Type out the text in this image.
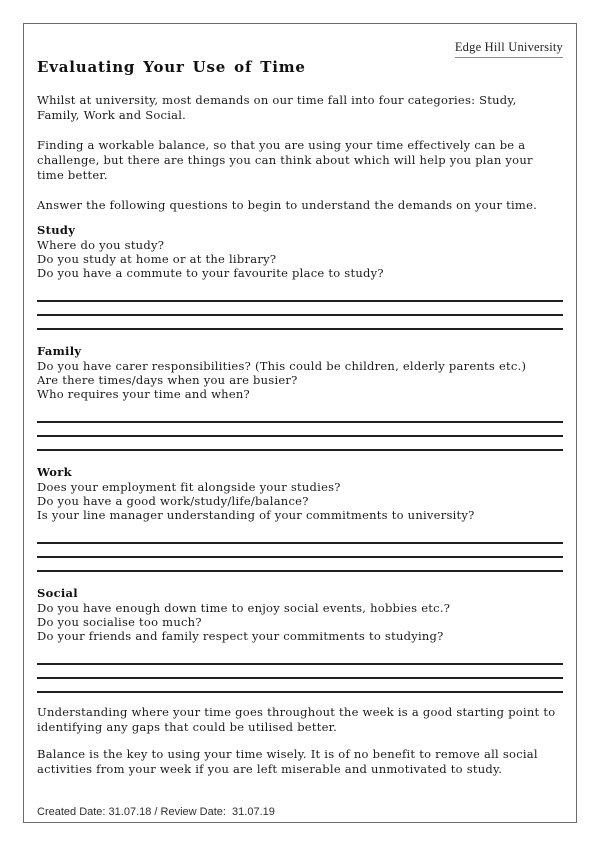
Edge Hill University
Evaluating Your Use of Time

Whilst at university, most demands on our time fall into four categories: Study, Family, Work and Social.

Finding a workable balance, so that you are using your time effectively can be a challenge, but there are things you can think about which will help you plan your time better.

Answer the following questions to begin to understand the demands on your time.

Study
Where do you study?
Do you study at home or at the library?
Do you have a commute to your favourite place to study?
Family
Do you have carer responsibilities? (This could be children, elderly parents etc.)
Are there times/days when you are busier?
Who requires your time and when?
Work
Does your employment fit alongside your studies?
Do you have a good work/study/life/balance?
Is your line manager understanding of your commitments to university?
Social
Do you have enough down time to enjoy social events, hobbies etc.?
Do you socialise too much?
Do your friends and family respect your commitments to studying?

Understanding where your time goes throughout the week is a good starting point to identifying any gaps that could be utilised better.

Balance is the key to using your time wisely. It is of no benefit to remove all social activities from your week if you are left miserable and unmotivated to study.

Created Date: 31.07.18 / Review Date:  31.07.19
